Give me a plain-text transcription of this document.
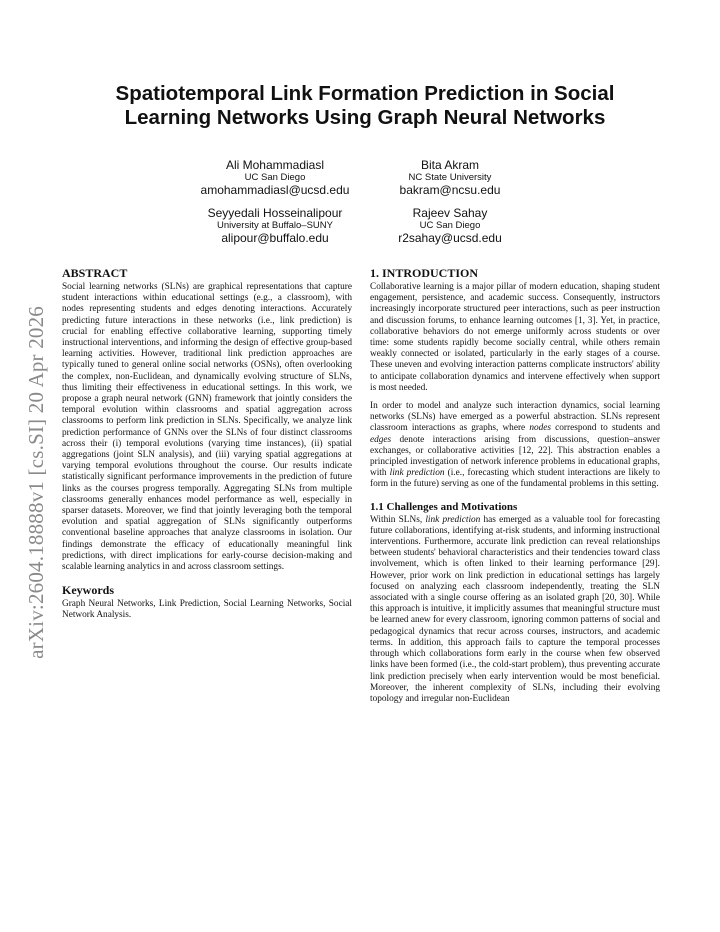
arXiv:2604.18888v1 [cs.SI] 20 Apr 2026
Spatiotemporal Link Formation Prediction in Social Learning Networks Using Graph Neural Networks
Ali Mohammadiasl
UC San Diego
amohammadiasl@ucsd.edu
Bita Akram
NC State University
bakram@ncsu.edu
Seyyedali Hosseinalipour
University at Buffalo–SUNY
alipour@buffalo.edu
Rajeev Sahay
UC San Diego
r2sahay@ucsd.edu
ABSTRACT

Social learning networks (SLNs) are graphical representations that capture student interactions within educational settings (e.g., a classroom), with nodes representing students and edges denoting interactions. Accurately predicting future interactions in these networks (i.e., link prediction) is crucial for enabling effective collaborative learning, supporting timely instructional interventions, and informing the design of effective group-based learning activities. However, traditional link prediction approaches are typically tuned to general online social networks (OSNs), often overlooking the complex, non-Euclidean, and dynamically evolving structure of SLNs, thus limiting their effectiveness in educational settings. In this work, we propose a graph neural network (GNN) framework that jointly considers the temporal evolution within classrooms and spatial aggregation across classrooms to perform link prediction in SLNs. Specifically, we analyze link prediction performance of GNNs over the SLNs of four distinct classrooms across their (i) temporal evolutions (varying time instances), (ii) spatial aggregations (joint SLN analysis), and (iii) varying spatial aggregations at varying temporal evolutions throughout the course. Our results indicate statistically significant performance improvements in the prediction of future links as the courses progress temporally. Aggregating SLNs from multiple classrooms generally enhances model performance as well, especially in sparser datasets. Moreover, we find that jointly leveraging both the temporal evolution and spatial aggregation of SLNs significantly outperforms conventional baseline approaches that analyze classrooms in isolation. Our findings demonstrate the efficacy of educationally meaningful link predictions, with direct implications for early-course decision-making and scalable learning analytics in and across classroom settings.

Keywords

Graph Neural Networks, Link Prediction, Social Learning Networks, Social Network Analysis.

1. INTRODUCTION

Collaborative learning is a major pillar of modern education, shaping student engagement, persistence, and academic success. Consequently, instructors increasingly incorporate structured peer interactions, such as peer instruction and discussion forums, to enhance learning outcomes [1, 3]. Yet, in practice, collaborative behaviors do not emerge uniformly across students or over time: some students rapidly become socially central, while others remain weakly connected or isolated, particularly in the early stages of a course. These uneven and evolving interaction patterns complicate instructors' ability to anticipate collaboration dynamics and intervene effectively when support is most needed.

In order to model and analyze such interaction dynamics, social learning networks (SLNs) have emerged as a powerful abstraction. SLNs represent classroom interactions as graphs, where nodes correspond to students and edges denote interactions arising from discussions, question–answer exchanges, or collaborative activities [12, 22]. This abstraction enables a principled investigation of network inference problems in educational graphs, with link prediction (i.e., forecasting which student interactions are likely to form in the future) serving as one of the fundamental problems in this setting.

1.1 Challenges and Motivations

Within SLNs, link prediction has emerged as a valuable tool for forecasting future collaborations, identifying at-risk students, and informing instructional interventions. Furthermore, accurate link prediction can reveal relationships between students' behavioral characteristics and their tendencies toward class involvement, which is often linked to their learning performance [29]. However, prior work on link prediction in educational settings has largely focused on analyzing each classroom independently, treating the SLN associated with a single course offering as an isolated graph [20, 30]. While this approach is intuitive, it implicitly assumes that meaningful structure must be learned anew for every classroom, ignoring common patterns of social and pedagogical dynamics that recur across courses, instructors, and academic terms. In addition, this approach fails to capture the temporal processes through which collaborations form early in the course when few observed links have been formed (i.e., the cold-start problem), thus preventing accurate link prediction precisely when early intervention would be most beneficial. Moreover, the inherent complexity of SLNs, including their evolving topology and irregular non-Euclidean
